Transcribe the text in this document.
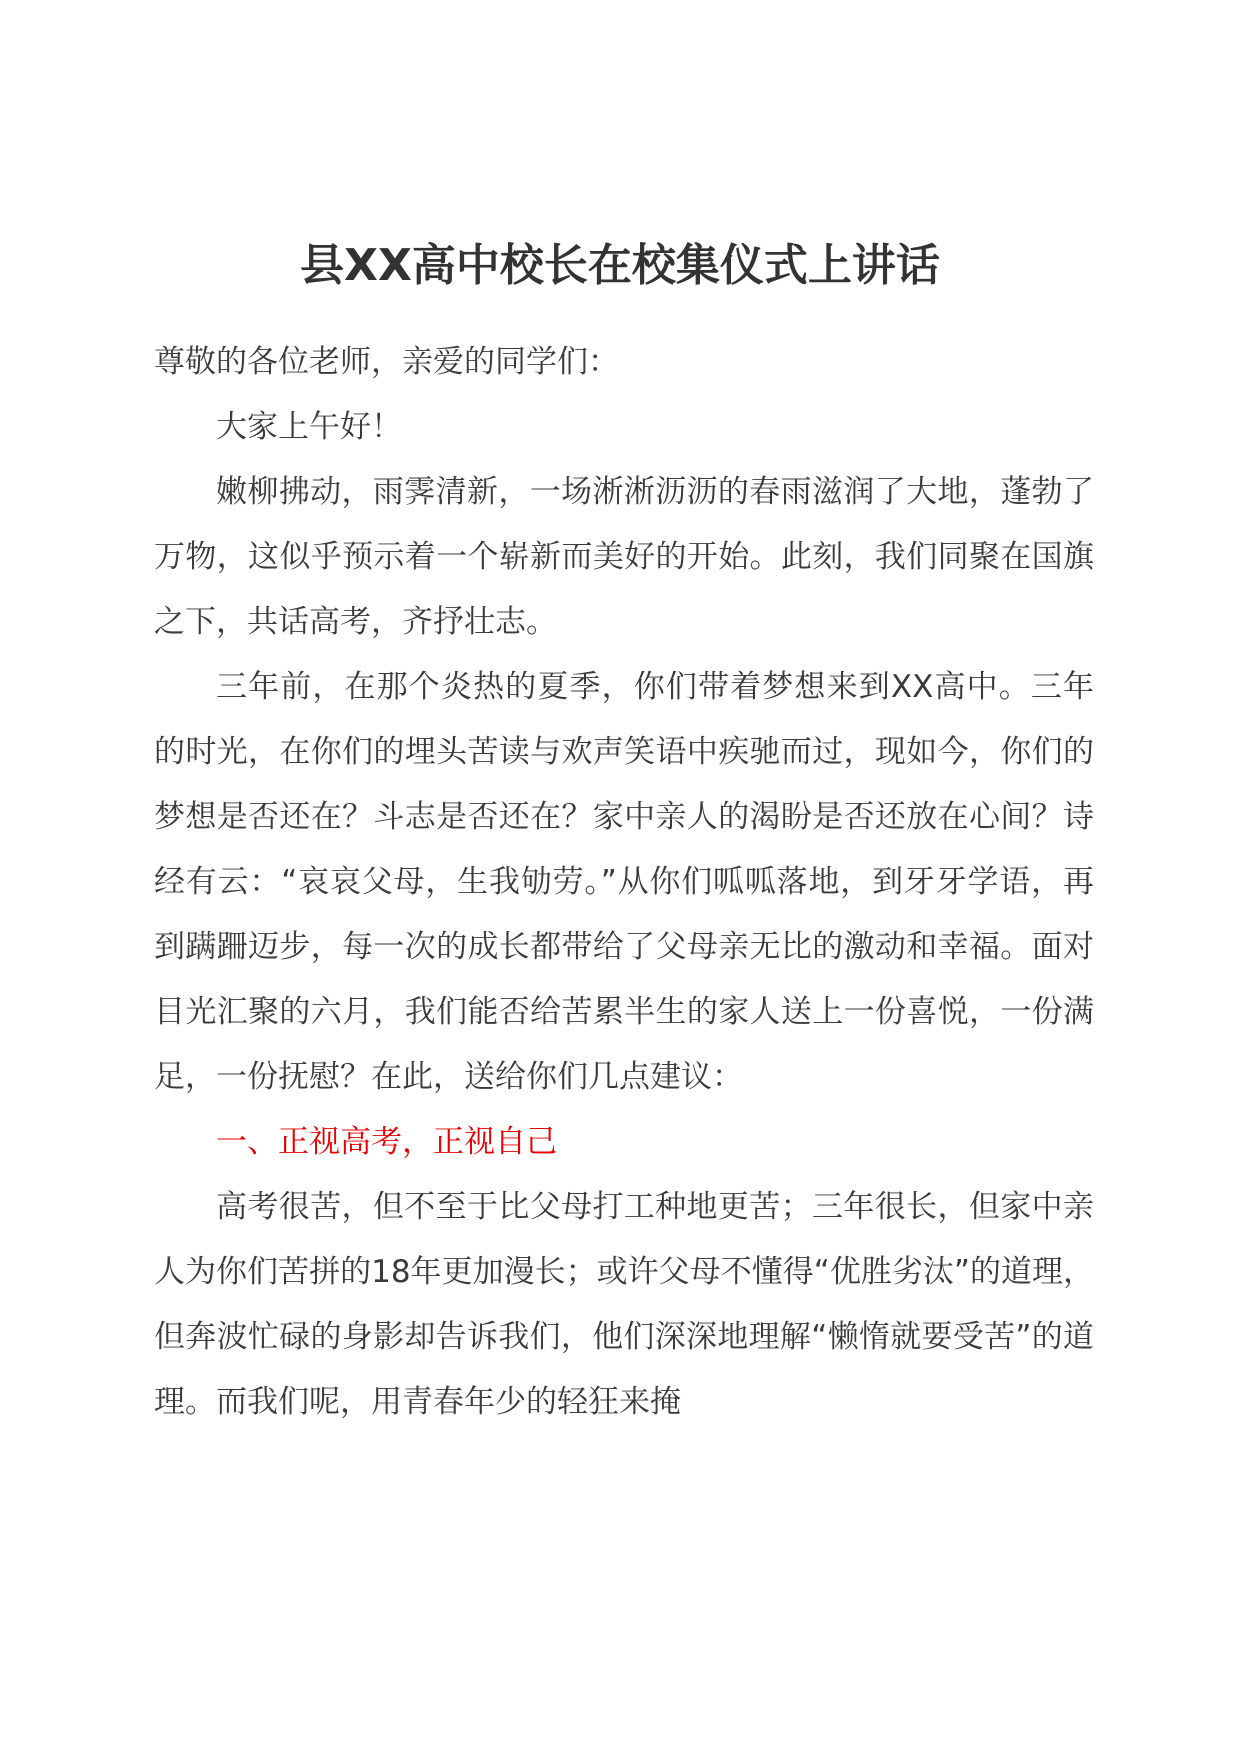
县XX高中校长在校集仪式上讲话

尊敬的各位老师，亲爱的同学们：

大家上午好！

嫩柳拂动，雨霁清新，一场淅淅沥沥的春雨滋润了大地，蓬勃了万物，这似乎预示着一个崭新而美好的开始。此刻，我们同聚在国旗之下，共话高考，齐抒壮志。

三年前，在那个炎热的夏季，你们带着梦想来到XX高中。三年的时光，在你们的埋头苦读与欢声笑语中疾驰而过，现如今，你们的梦想是否还在？斗志是否还在？家中亲人的渴盼是否还放在心间？诗经有云：“哀哀父母，生我劬劳。”从你们呱呱落地，到牙牙学语，再到蹒跚迈步，每一次的成长都带给了父母亲无比的激动和幸福。面对目光汇聚的六月，我们能否给苦累半生的家人送上一份喜悦，一份满足，一份抚慰？在此，送给你们几点建议：

一、正视高考，正视自己

高考很苦，但不至于比父母打工种地更苦；三年很长，但家中亲人为你们苦拼的18年更加漫长；或许父母不懂得“优胜劣汰”的道理，但奔波忙碌的身影却告诉我们，他们深深地理解“懒惰就要受苦”的道理。而我们呢，用青春年少的轻狂来掩
